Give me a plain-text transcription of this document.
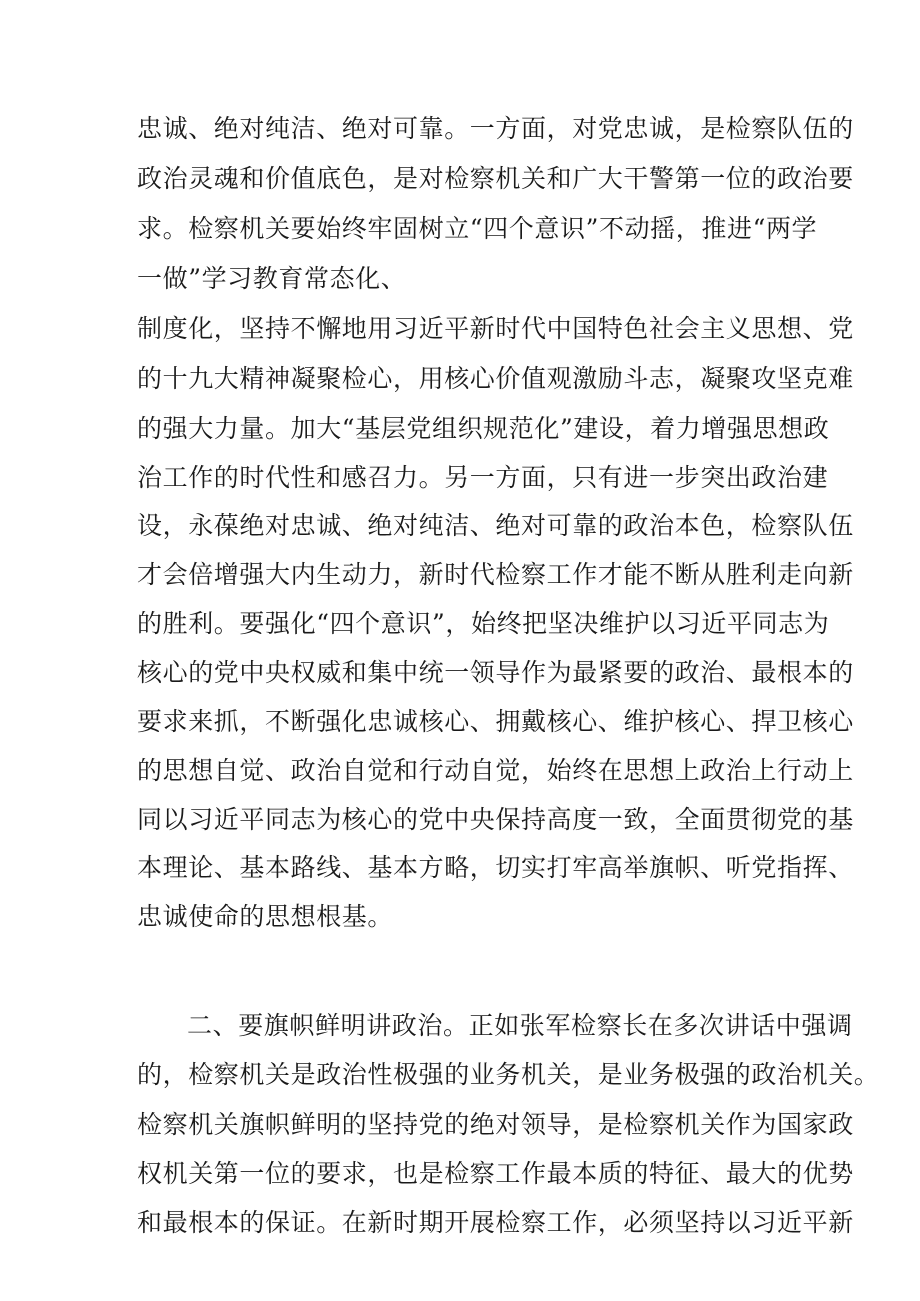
忠诚、绝对纯洁、绝对可靠。一方面，对党忠诚，是检察队伍的
政治灵魂和价值底色，是对检察机关和广大干警第一位的政治要
求。检察机关要始终牢固树立“四个意识”不动摇，推进“两学
一做”学习教育常态化、
制度化，坚持不懈地用习近平新时代中国特色社会主义思想、党
的十九大精神凝聚检心，用核心价值观激励斗志，凝聚攻坚克难
的强大力量。加大“基层党组织规范化”建设，着力增强思想政
治工作的时代性和感召力。另一方面，只有进一步突出政治建
设，永葆绝对忠诚、绝对纯洁、绝对可靠的政治本色，检察队伍
才会倍增强大内生动力，新时代检察工作才能不断从胜利走向新
的胜利。要强化“四个意识”，始终把坚决维护以习近平同志为
核心的党中央权威和集中统一领导作为最紧要的政治、最根本的
要求来抓，不断强化忠诚核心、拥戴核心、维护核心、捍卫核心
的思想自觉、政治自觉和行动自觉，始终在思想上政治上行动上
同以习近平同志为核心的党中央保持高度一致，全面贯彻党的基
本理论、基本路线、基本方略，切实打牢高举旗帜、听党指挥、
忠诚使命的思想根基。
二、要旗帜鲜明讲政治。正如张军检察长在多次讲话中强调
的，检察机关是政治性极强的业务机关，是业务极强的政治机关。
检察机关旗帜鲜明的坚持党的绝对领导，是检察机关作为国家政
权机关第一位的要求，也是检察工作最本质的特征、最大的优势
和最根本的保证。在新时期开展检察工作，必须坚持以习近平新
